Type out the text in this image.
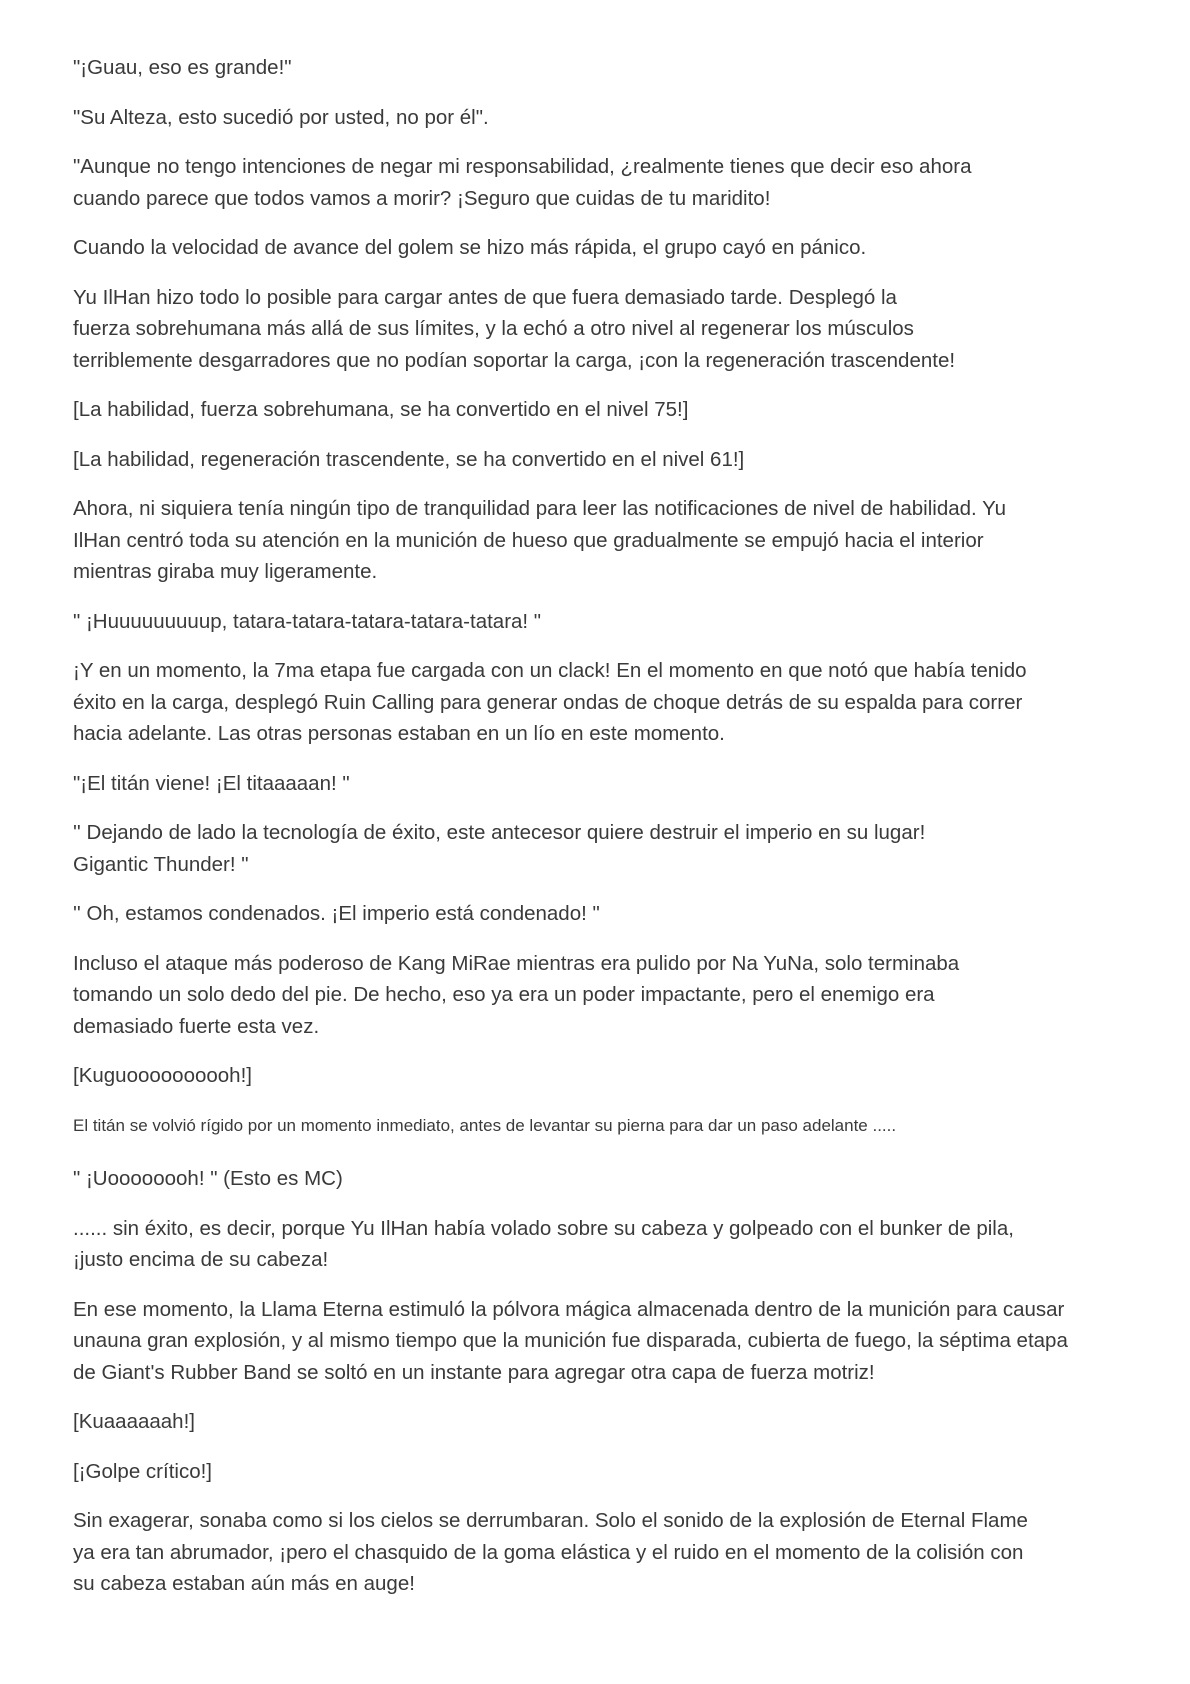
"¡Guau, eso es grande!"

"Su Alteza, esto sucedió por usted, no por él".

"Aunque no tengo intenciones de negar mi responsabilidad, ¿realmente tienes que decir eso ahora
cuando parece que todos vamos a morir? ¡Seguro que cuidas de tu maridito!

Cuando la velocidad de avance del golem se hizo más rápida, el grupo cayó en pánico.

Yu IlHan hizo todo lo posible para cargar antes de que fuera demasiado tarde. Desplegó la
fuerza sobrehumana más allá de sus límites, y la echó a otro nivel al regenerar los músculos
terriblemente desgarradores que no podían soportar la carga, ¡con la regeneración trascendente!

[La habilidad, fuerza sobrehumana, se ha convertido en el nivel 75!]

[La habilidad, regeneración trascendente, se ha convertido en el nivel 61!]

Ahora, ni siquiera tenía ningún tipo de tranquilidad para leer las notificaciones de nivel de habilidad. Yu
IlHan centró toda su atención en la munición de hueso que gradualmente se empujó hacia el interior
mientras giraba muy ligeramente.

" ¡Huuuuuuuuup, tatara-tatara-tatara-tatara-tatara! "

¡Y en un momento, la 7ma etapa fue cargada con un clack! En el momento en que notó que había tenido
éxito en la carga, desplegó Ruin Calling para generar ondas de choque detrás de su espalda para correr
hacia adelante. Las otras personas estaban en un lío en este momento.

"¡El titán viene! ¡El titaaaaan! "

'' Dejando de lado la tecnología de éxito, este antecesor quiere destruir el imperio en su lugar!
Gigantic Thunder! "

'' Oh, estamos condenados. ¡El imperio está condenado! "

Incluso el ataque más poderoso de Kang MiRae mientras era pulido por Na YuNa, solo terminaba
tomando un solo dedo del pie. De hecho, eso ya era un poder impactante, pero el enemigo era
demasiado fuerte esta vez.

[Kuguoooooooooh!]

El titán se volvió rígido por un momento inmediato, antes de levantar su pierna para dar un paso adelante .....

" ¡Uoooooooh! " (Esto es MC)

...... sin éxito, es decir, porque Yu IlHan había volado sobre su cabeza y golpeado con el bunker de pila,
¡justo encima de su cabeza!

En ese momento, la Llama Eterna estimuló la pólvora mágica almacenada dentro de la munición para causar
unauna gran explosión, y al mismo tiempo que la munición fue disparada, cubierta de fuego, la séptima etapa
de Giant's Rubber Band se soltó en un instante para agregar otra capa de fuerza motriz!

[Kuaaaaaah!]

[¡Golpe crítico!]

Sin exagerar, sonaba como si los cielos se derrumbaran. Solo el sonido de la explosión de Eternal Flame
ya era tan abrumador, ¡pero el chasquido de la goma elástica y el ruido en el momento de la colisión con
su cabeza estaban aún más en auge!
